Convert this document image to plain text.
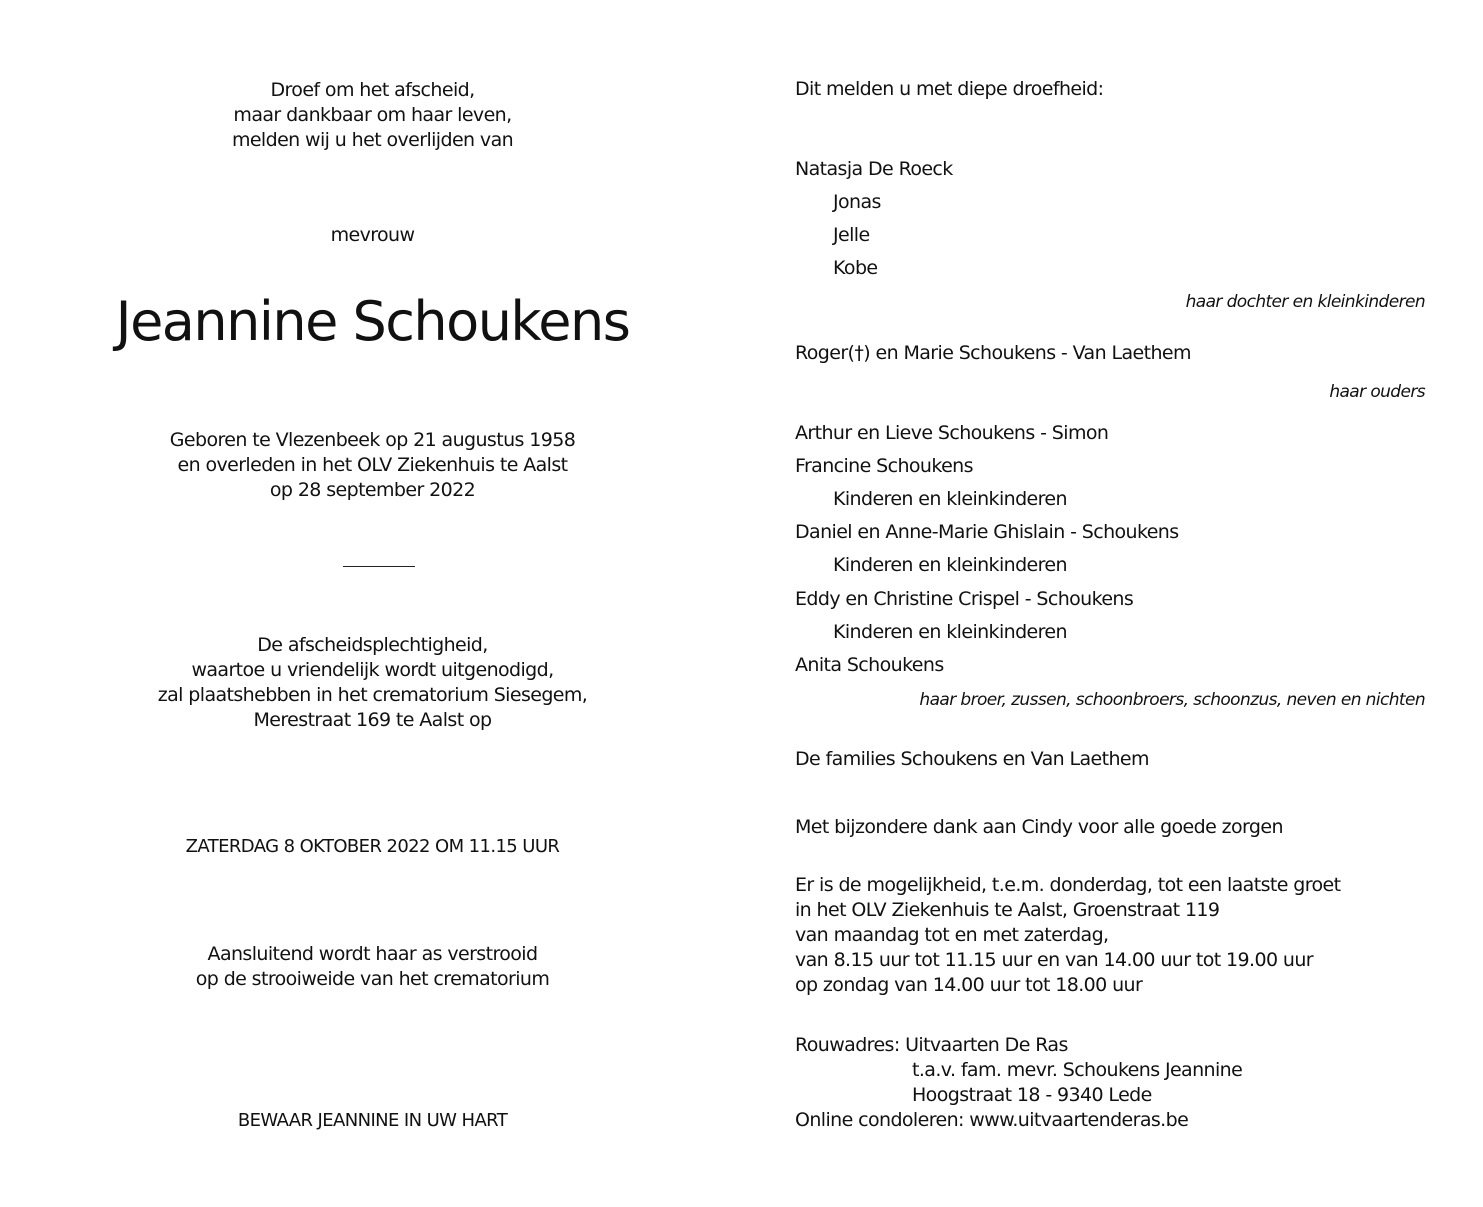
Droef om het afscheid,
maar dankbaar om haar leven,
melden wij u het overlijden van
mevrouw
Jeannine Schoukens
Geboren te Vlezenbeek op 21 augustus 1958
en overleden in het OLV Ziekenhuis te Aalst
op 28 september 2022
De afscheidsplechtigheid,
waartoe u vriendelijk wordt uitgenodigd,
zal plaatshebben in het crematorium Siesegem,
Merestraat 169 te Aalst op
ZATERDAG 8 OKTOBER 2022 OM 11.15 UUR
Aansluitend wordt haar as verstrooid
op de strooiweide van het crematorium
BEWAAR JEANNINE IN UW HART
Dit melden u met diepe droefheid:
Natasja De Roeck
Jonas
Jelle
Kobe
haar dochter en kleinkinderen
Roger(†) en Marie Schoukens - Van Laethem
haar ouders
Arthur en Lieve Schoukens - Simon
Francine Schoukens
Kinderen en kleinkinderen
Daniel en Anne-Marie Ghislain - Schoukens
Kinderen en kleinkinderen
Eddy en Christine Crispel - Schoukens
Kinderen en kleinkinderen
Anita Schoukens
haar broer, zussen, schoonbroers, schoonzus, neven en nichten
De families Schoukens en Van Laethem
Met bijzondere dank aan Cindy voor alle goede zorgen
Er is de mogelijkheid, t.e.m. donderdag, tot een laatste groet
in het OLV Ziekenhuis te Aalst, Groenstraat 119
van maandag tot en met zaterdag,
van 8.15 uur tot 11.15 uur en van 14.00 uur tot 19.00 uur
op zondag van 14.00 uur tot 18.00 uur
Rouwadres: Uitvaarten De Ras
t.a.v. fam. mevr. Schoukens Jeannine
Hoogstraat 18 - 9340 Lede
Online condoleren: www.uitvaartenderas.be
